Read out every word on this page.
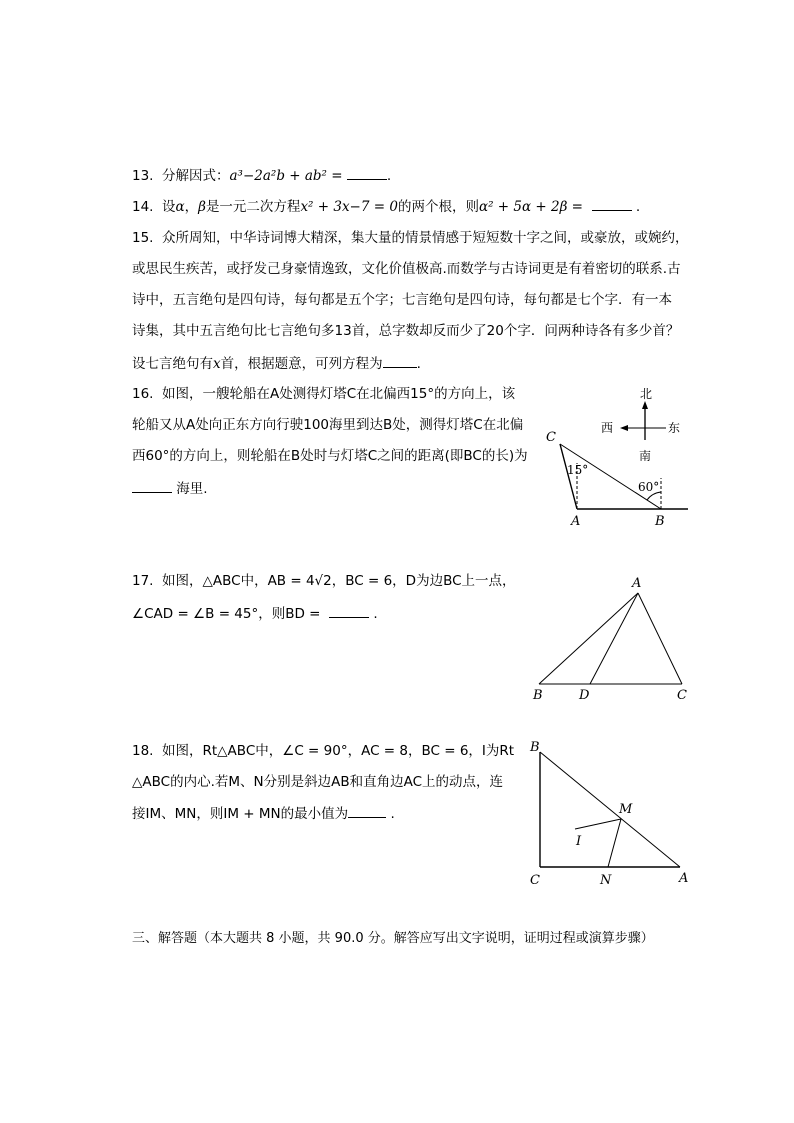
13. 分解因式：a³−2a²b + ab² =	.
14. 设α，β是一元二次方程x² + 3x−7 = 0的两个根，则α² + 5α + 2β =	.
15. 众所周知，中华诗词博大精深，集大量的情景情感于短短数十字之间，或豪放，或婉约，
或思民生疾苦，或抒发己身豪情逸致，文化价值极高.而数学与古诗词更是有着密切的联系.古
诗中，五言绝句是四句诗，每句都是五个字；七言绝句是四句诗，每句都是七个字．有一本
诗集，其中五言绝句比七言绝句多13首，总字数却反而少了20个字．问两种诗各有多少首？
设七言绝句有x首，根据题意，可列方程为	.
16. 如图，一艘轮船在A处测得灯塔C在北偏西15°的方向上，该
轮船又从A处向正东方向行驶100海里到达B处，测得灯塔C在北偏
西60°的方向上，则轮船在B处时与灯塔C之间的距离(即BC的长)为
海里.
北
西	东
南
C
A	B
15°
60°
17. 如图，△ABC中，AB = 4√2，BC = 6，D为边BC上一点，
∠CAD = ∠B = 45°，则BD =	.
A
B	D	C
18. 如图，Rt△ABC中，∠C = 90°，AC = 8，BC = 6，I为Rt
△ABC的内心.若M、N分别是斜边AB和直角边AC上的动点，连
接IM、MN，则IM + MN的最小值为	.
B
C	A
M
N
I
三、解答题（本大题共 8 小题，共 90.0 分。解答应写出文字说明，证明过程或演算步骤）
